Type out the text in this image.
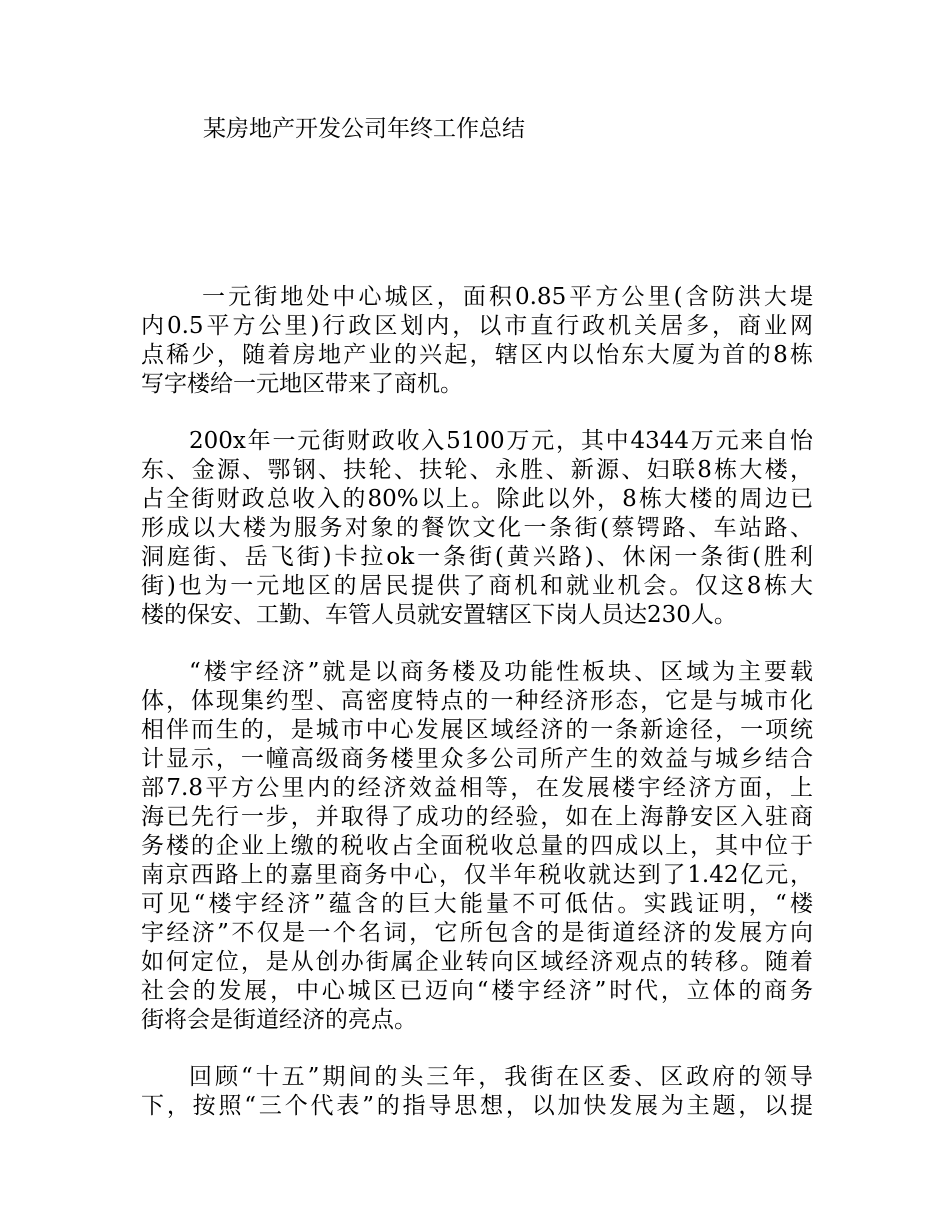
某房地产开发公司年终工作总结

一元街地处中心城区，面积0.85平方公里(含防洪大堤
内0.5平方公里)行政区划内，以市直行政机关居多，商业网
点稀少，随着房地产业的兴起，辖区内以怡东大厦为首的8栋
写字楼给一元地区带来了商机。

200x年一元街财政收入5100万元，其中4344万元来自怡
东、金源、鄂钢、扶轮、扶轮、永胜、新源、妇联8栋大楼，
占全街财政总收入的80%以上。除此以外，8栋大楼的周边已
形成以大楼为服务对象的餐饮文化一条街(蔡锷路、车站路、
洞庭街、岳飞街)卡拉ok一条街(黄兴路)、休闲一条街(胜利
街)也为一元地区的居民提供了商机和就业机会。仅这8栋大
楼的保安、工勤、车管人员就安置辖区下岗人员达230人。

“楼宇经济”就是以商务楼及功能性板块、区域为主要载
体，体现集约型、高密度特点的一种经济形态，它是与城市化
相伴而生的，是城市中心发展区域经济的一条新途径，一项统
计显示，一幢高级商务楼里众多公司所产生的效益与城乡结合
部7.8平方公里内的经济效益相等，在发展楼宇经济方面，上
海已先行一步，并取得了成功的经验，如在上海静安区入驻商
务楼的企业上缴的税收占全面税收总量的四成以上，其中位于
南京西路上的嘉里商务中心，仅半年税收就达到了1.42亿元，
可见“楼宇经济”蕴含的巨大能量不可低估。实践证明，“楼
宇经济”不仅是一个名词，它所包含的是街道经济的发展方向
如何定位，是从创办街属企业转向区域经济观点的转移。随着
社会的发展，中心城区已迈向“楼宇经济”时代，立体的商务
街将会是街道经济的亮点。

回顾“十五”期间的头三年，我街在区委、区政府的领导
下，按照“三个代表”的指导思想，以加快发展为主题，以提
